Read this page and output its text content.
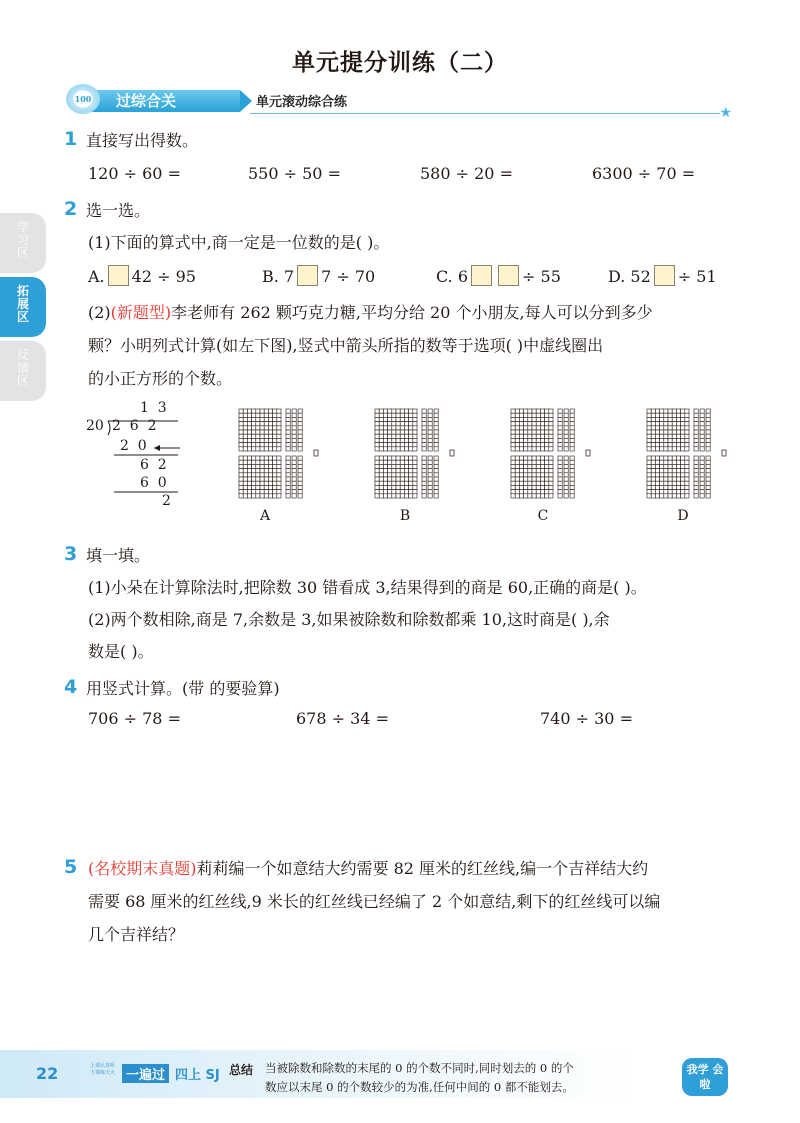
单元提分训练（二）
过综合关
100	单元滚动综合练
★
学习区
拓展区
反馈区
1 直接写出得数。
120 ÷ 60 =	550 ÷ 50 =	580 ÷ 20 =	6300 ÷ 70 =
2 选一选。
(1)下面的算式中,商一定是一位数的是( )。
A. 42 ÷ 95	B. 7 7 ÷ 70	C. 6	÷ 55	D. 52 ÷ 51
(2)(新题型)李老师有 262 颗巧克力糖,平均分给 20 个小朋友,每人可以分到多少
颗？小明列式计算(如左下图),竖式中箭头所指的数等于选项( )中虚线圈出
的小正方形的个数。
1  3
20 2  6  2
2  0
6  2
6  0
2
A	B	C	D
3 填一填。
(1)小朵在计算除法时,把除数 30 错看成 3,结果得到的商是 60,正确的商是( )。
(2)两个数相除,商是 7,余数是 3,如果被除数和除数都乘 10,这时商是( ),余
数是( )。
4 用竖式计算。(带 的要验算)
706 ÷ 78 =	678 ÷ 34 =	740 ÷ 30 =
5 (名校期末真题)莉莉编一个如意结大约需要 82 厘米的红丝线,编一个吉祥结大约
需要 68 厘米的红丝线,9 米长的红丝线已经编了 2 个如意结,剩下的红丝线可以编
几个吉祥结？
22	上课认真听 下课练天天 一遍过 四上 SJ 总结 当被除数和除数的末尾的 0 的个数不同时,同时划去的 0 的个
数应以末尾 0 的个数较少的为准,任何中间的 0 都不能划去。
我学 会啦
